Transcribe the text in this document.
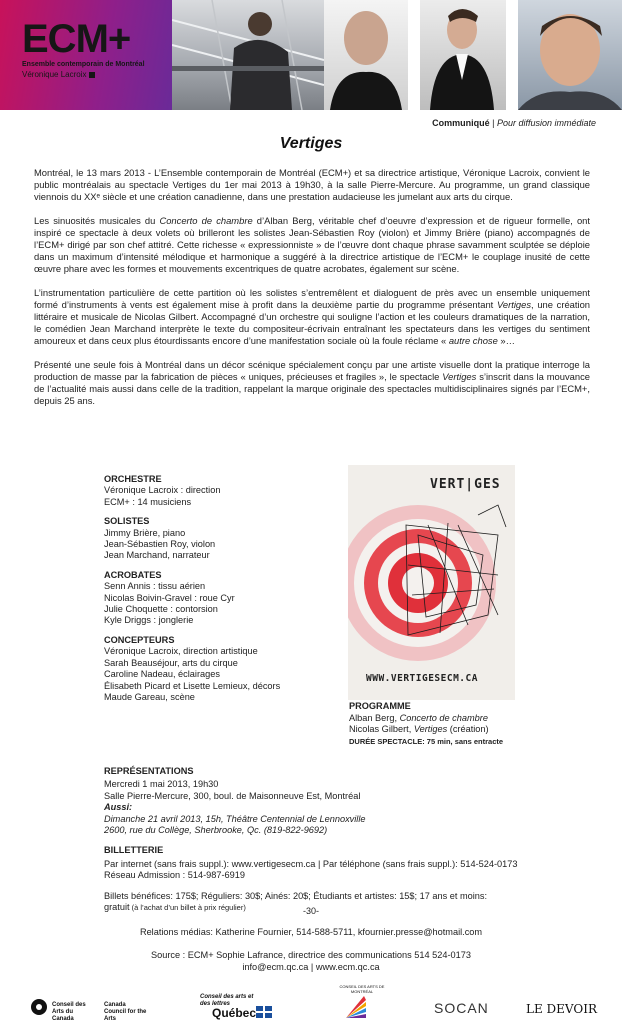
ECM+
Ensemble contemporain de Montréal
Véronique Lacroix
Communiqué | Pour diffusion immédiate
Vertiges

Montréal, le 13 mars 2013 - L’Ensemble contemporain de Montréal (ECM+) et sa directrice artistique, Véronique Lacroix, convient le public montréalais au spectacle Vertiges du 1er mai 2013 à 19h30, à la salle Pierre-Mercure. Au programme, un grand classique viennois du XXᵉ siècle et une création canadienne, dans une prestation audacieuse les jumelant aux arts du cirque.

Les sinuosités musicales du Concerto de chambre d’Alban Berg, véritable chef d’oeuvre d’expression et de rigueur formelle, ont inspiré ce spectacle à deux volets où brilleront les solistes Jean-Sébastien Roy (violon) et Jimmy Brière (piano) accompagnés de l’ECM+ dirigé par son chef attitré. Cette richesse « expressionniste » de l’œuvre dont chaque phrase savamment sculptée se déploie dans un maximum d’intensité mélodique et harmonique a suggéré à la directrice artistique de l’ECM+ le couplage inusité de cette œuvre phare avec les formes et mouvements excentriques de quatre acrobates, également sur scène.

L’instrumentation particulière de cette partition où les solistes s’entremêlent et dialoguent de près avec un ensemble uniquement formé d’instruments à vents est également mise à profit dans la deuxième partie du programme présentant Vertiges, une création littéraire et musicale de Nicolas Gilbert. Accompagné d’un orchestre qui souligne l’action et les couleurs dramatiques de la narration, le comédien Jean Marchand interprète le texte du compositeur-écrivain entraînant les spectateurs dans les vertiges du sentiment amoureux et dans ceux plus étourdissants encore d’une manifestation sociale où la foule réclame « autre chose »…

Présenté une seule fois à Montréal dans un décor scénique spécialement conçu par une artiste visuelle dont la pratique interroge la production de masse par la fabrication de pièces « uniques, précieuses et fragiles », le spectacle Vertiges s’inscrit dans la mouvance de l’actualité mais aussi dans celle de la tradition, rappelant la marque originale des spectacles multidisciplinaires signés par l’ECM+, depuis 25 ans.

ORCHESTRE
Véronique Lacroix : direction
ECM+ : 14 musiciens
SOLISTES
Jimmy Brière, piano
Jean-Sébastien Roy, violon
Jean Marchand, narrateur
ACROBATES
Senn Annis : tissu aérien
Nicolas Boivin-Gravel : roue Cyr
Julie Choquette : contorsion
Kyle Driggs : jonglerie
CONCEPTEURS
Véronique Lacroix, direction artistique
Sarah Beauséjour, arts du cirque
Caroline Nadeau, éclairages
Élisabeth Picard et Lisette Lemieux, décors
Maude Gareau, scène
VERT|GES
WWW.VERTIGESECM.CA
PROGRAMME
Alban Berg, Concerto de chambre
Nicolas Gilbert, Vertiges (création)
DURÉE SPECTACLE: 75 min, sans entracte
REPRÉSENTATIONS
Mercredi 1 mai 2013, 19h30
Salle Pierre-Mercure, 300, boul. de Maisonneuve Est, Montréal
Aussi:
Dimanche 21 avril 2013, 15h, Théâtre Centennial de Lennoxville
2600, rue du Collège, Sherbrooke, Qc. (819-822-9692)
BILLETTERIE
Par internet (sans frais suppl.): www.vertigesecm.ca | Par téléphone (sans frais suppl.): 514-524-0173
Réseau Admission : 514-987-6919
Billets bénéfices: 175$; Réguliers: 30$; Ainés: 20$; Étudiants et artistes: 15$; 17 ans et moins:
gratuit (à l’achat d’un billet à prix régulier)	-30-
Relations médias: Katherine Fournier, 514-588-5711, kfournier.presse@hotmail.com
Source : ECM+ Sophie Lafrance, directrice des communications 514 524-0173
info@ecm.qc.ca | www.ecm.qc.ca
Conseil des Arts du Canada
Canada Council for the Arts
Conseil des arts et des lettres
Québec
CONSEIL DES ARTS DE MONTRÉAL
SOCAN	LE DEVOIR
